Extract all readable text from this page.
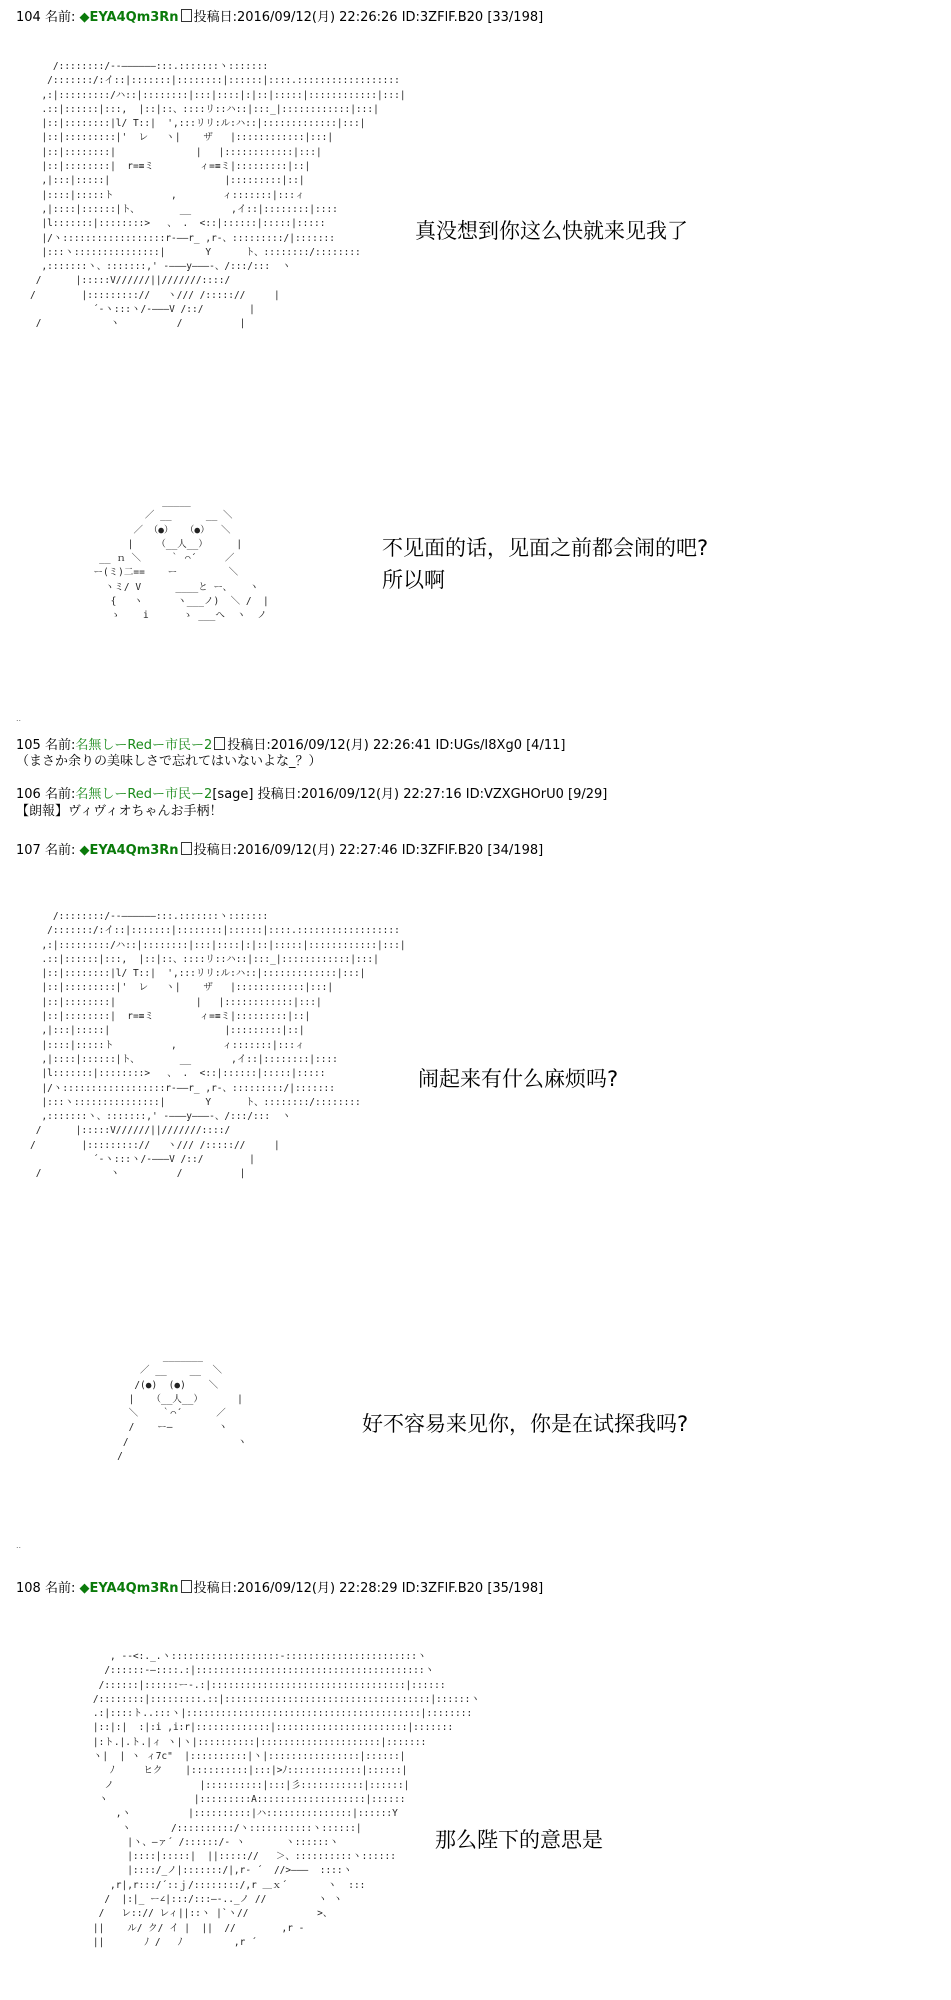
104 名前: ◆EYA4Qm3Rn 投稿日:2016/09/12(月) 22:26:26 ID:3ZFlF.B20 [33/198]
/::::::::/-‐――――――:::.:::::::ヽ:::::::
/:::::::/:イ::|:::::::|::::::::|::::::|::::.::::::::::::::::::
,:|:::::::::/ハ::|::::::::|:::|::::|:|::|:::::|::::::::::::|:::|
.::|::::::|:::,  |::|::、::::リ::ハ::|:::_|::::::::::::|:::|
|::|::::::::|l/ T::|  ',:::リリ:ル:ハ::|:::::::::::::|:::|
|::|:::::::::|'  レ   ヽ|    ザ   |::::::::::::|:::|
|::|::::::::|              |   |::::::::::::|:::|
|::|::::::::|  r=≡ミ        ィ=≡ミ|:::::::::|::|
,|:::|:::::|                    |:::::::::|::|
|::::|:::::ト          ,        ィ:::::::|:::ィ
,|::::|::::::|ト、       __       ,イ::|::::::::|::::
|l:::::::|::::::::>   、 .  <::|::::::|:::::|:::::
|/ヽ::::::::::::::::::r‐――r_ ,r‐、:::::::::/|:::::::
|:::ヽ:::::::::::::::|       Y      ト、::::::::/::::::::
,:::::::ヽ、:::::::,' ‐―――y―――-、/:::/:::  ヽ
/      |:::::V//////||///////::::/
/        |::::::::://   ヽ/// /::::://     |
´‐ヽ:::ヽ/-―――V /::/        |
/            ヽ          /          |
真没想到你这么快就来见我了
_____
／ __      __ ＼
／ （●）  （●）  ＼
|    （__人__）     |
__ ｎ ＼     ｀ ⌒´     ／
ー(ミ)二==    ー         ＼
ヽミ/ V      ____と ー、   ヽ
{   ヽ      ヽ___ノ)  ＼ /  |
ゝ    i      ゝ ___へ  ヽ  ノ
不见面的话，见面之前都会闹的吧?
所以啊
..
105 名前:名無しーRedー市民ー2 投稿日:2016/09/12(月) 22:26:41 ID:UGs/I8Xg0 [4/11]
（まさか余りの美味しさで忘れてはいないよな_？）
106 名前:名無しーRedー市民ー2[sage] 投稿日:2016/09/12(月) 22:27:16 ID:VZXGHOrU0 [9/29]
【朗報】ヴィヴィオちゃんお手柄！
107 名前: ◆EYA4Qm3Rn 投稿日:2016/09/12(月) 22:27:46 ID:3ZFlF.B20 [34/198]
/::::::::/-‐――――――:::.:::::::ヽ:::::::
/:::::::/:イ::|:::::::|::::::::|::::::|::::.::::::::::::::::::
,:|:::::::::/ハ::|::::::::|:::|::::|:|::|:::::|::::::::::::|:::|
.::|::::::|:::,  |::|::、::::リ::ハ::|:::_|::::::::::::|:::|
|::|::::::::|l/ T::|  ',:::リリ:ル:ハ::|:::::::::::::|:::|
|::|:::::::::|'  レ   ヽ|    ザ   |::::::::::::|:::|
|::|::::::::|              |   |::::::::::::|:::|
|::|::::::::|  r=≡ミ        ィ=≡ミ|:::::::::|::|
,|:::|:::::|                    |:::::::::|::|
|::::|:::::ト          ,        ィ:::::::|:::ィ
,|::::|::::::|ト、       __       ,イ::|::::::::|::::
|l:::::::|::::::::>   、 .  <::|::::::|:::::|:::::
|/ヽ::::::::::::::::::r‐――r_ ,r‐、:::::::::/|:::::::
|:::ヽ:::::::::::::::|       Y      ト、::::::::/::::::::
,:::::::ヽ、:::::::,' ‐―――y―――-、/:::/:::  ヽ
/      |:::::V//////||///////::::/
/        |::::::::://   ヽ/// /::::://     |
´‐ヽ:::ヽ/-―――V /::/        |
/            ヽ          /          |
闹起来有什么麻烦吗?
_______
／ __    __  ＼
/(●)  (●)    ＼
|   （__人__）      |
＼    ｀⌒´      ／
/    ー―        ヽ
/                   ヽ
/
好不容易来见你，你是在试探我吗?
..
108 名前: ◆EYA4Qm3Rn 投稿日:2016/09/12(月) 22:28:29 ID:3ZFlF.B20 [35/198]
, -‐<:._.ヽ:::::::::::::::::::‐:::::::::::::::::::::::ヽ
/::::::‐―::::.:|::::::::::::::::::::::::::::::::::::::::ヽ
/::::::|::::::ー-.:|::::::::::::::::::::::::::::::::::|::::::
/::::::::|:::::::::.::|::::::::::::::::::::::::::::::::::::|::::::ヽ
.:|::::ト..:::ヽ|:::::::::::::::::::::::::::::::::::::::::|::::::::
|::|:|  :|:i ,i:r|:::::::::::::|:::::::::::::::::::::::|:::::::
|:ト.|.ト.|ィ ヽ|ヽ|::::::::::|:::::::::::::::::::::|:::::::
ヽ|  | ヽ ィ7c"  |::::::::::|ヽ|::::::::::::::::|::::::|
ﾉ     ヒク    |::::::::::|:::|>ﾉ:::::::::::::|::::::|
ノ               |::::::::::|:::|彡:::::::::::|::::::|
ヽ               |:::::::::A:::::::::::::::::::|::::::
,ヽ          |::::::::::|ハ:::::::::::::::|::::::Y
ヽ       /::::::::::/ヽ:::::::::::ヽ::::::|
|ヽ、―ァ´ /::::::/‐ ヽ       ヽ::::::ヽ
|::::|:::::|  ||::::://   ＞、::::::::::ヽ::::::
|::::/_ノ|:::::::/|,r‐ ´  //>―――  ::::ヽ
,r|,r:::/´::ｊ/::::::::/,r ＿ｘ´       ヽ  :::
/  |:|_ ー∠|:::/:::―-.._ノ //         ヽ ヽ
/   レ::// レィ||::ヽ |`ヽ//            >、
||    ル/ ク/ イ |  ||  //        ,r ‐
||       ﾉ /   ﾉ         ,r ´
那么陛下的意思是
